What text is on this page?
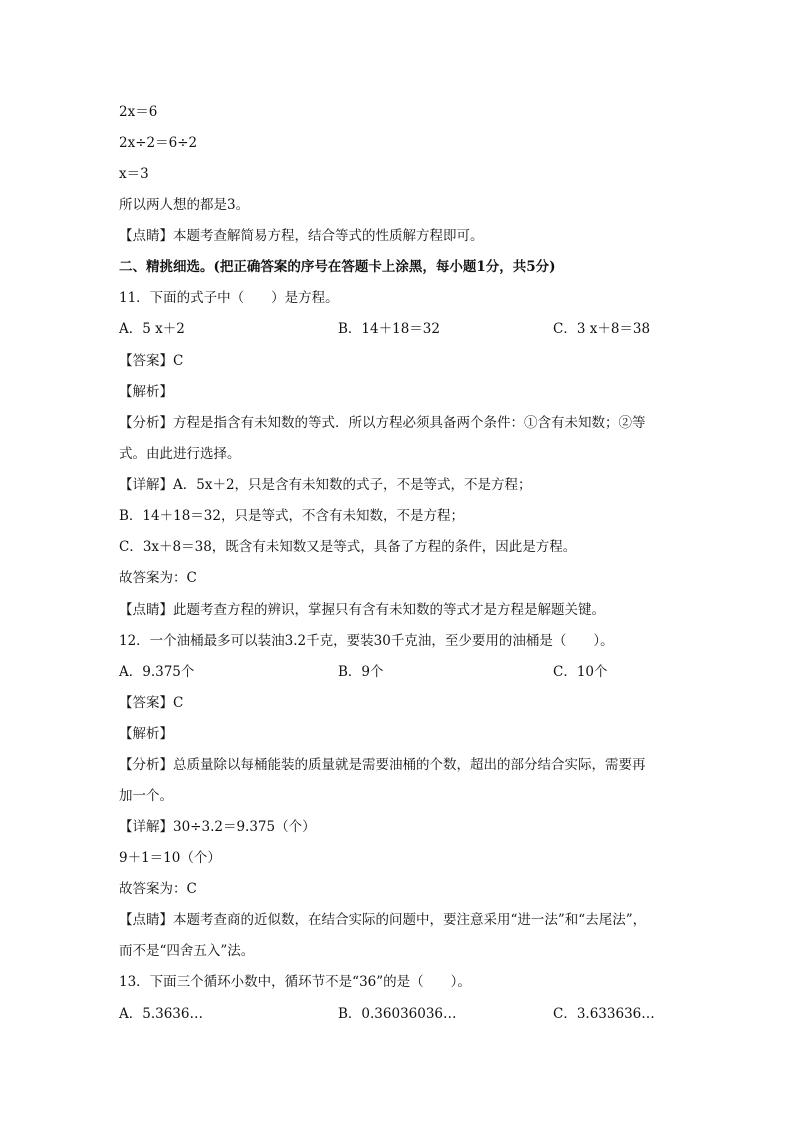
2x＝6
2x÷2＝6÷2
x＝3
所以两人想的都是3。
【点睛】本题考查解简易方程，结合等式的性质解方程即可。
二、精挑细选。(把正确答案的序号在答题卡上涂黑，每小题1分，共5分)
11．下面的式子中（　　）是方程。
A．5 x＋2	B．14＋18＝32	C．3 x＋8＝38
【答案】C
【解析】
【分析】方程是指含有未知数的等式．所以方程必须具备两个条件：①含有未知数；②等
式。由此进行选择。
【详解】A．5x＋2，只是含有未知数的式子，不是等式，不是方程；
B．14＋18＝32，只是等式，不含有未知数，不是方程；
C．3x＋8＝38，既含有未知数又是等式，具备了方程的条件，因此是方程。
故答案为：C
【点睛】此题考查方程的辨识，掌握只有含有未知数的等式才是方程是解题关键。
12．一个油桶最多可以装油3.2千克，要装30千克油，至少要用的油桶是（　　）。
A．9.375个	B．9个	C．10个
【答案】C
【解析】
【分析】总质量除以每桶能装的质量就是需要油桶的个数，超出的部分结合实际，需要再
加一个。
【详解】30÷3.2＝9.375（个）
9＋1＝10（个）
故答案为：C
【点睛】本题考查商的近似数，在结合实际的问题中，要注意采用“进一法”和“去尾法”，
而不是“四舍五入”法。
13．下面三个循环小数中，循环节不是“36”的是（　　）。
A．5.3636…	B．0.36036036…	C．3.633636…
